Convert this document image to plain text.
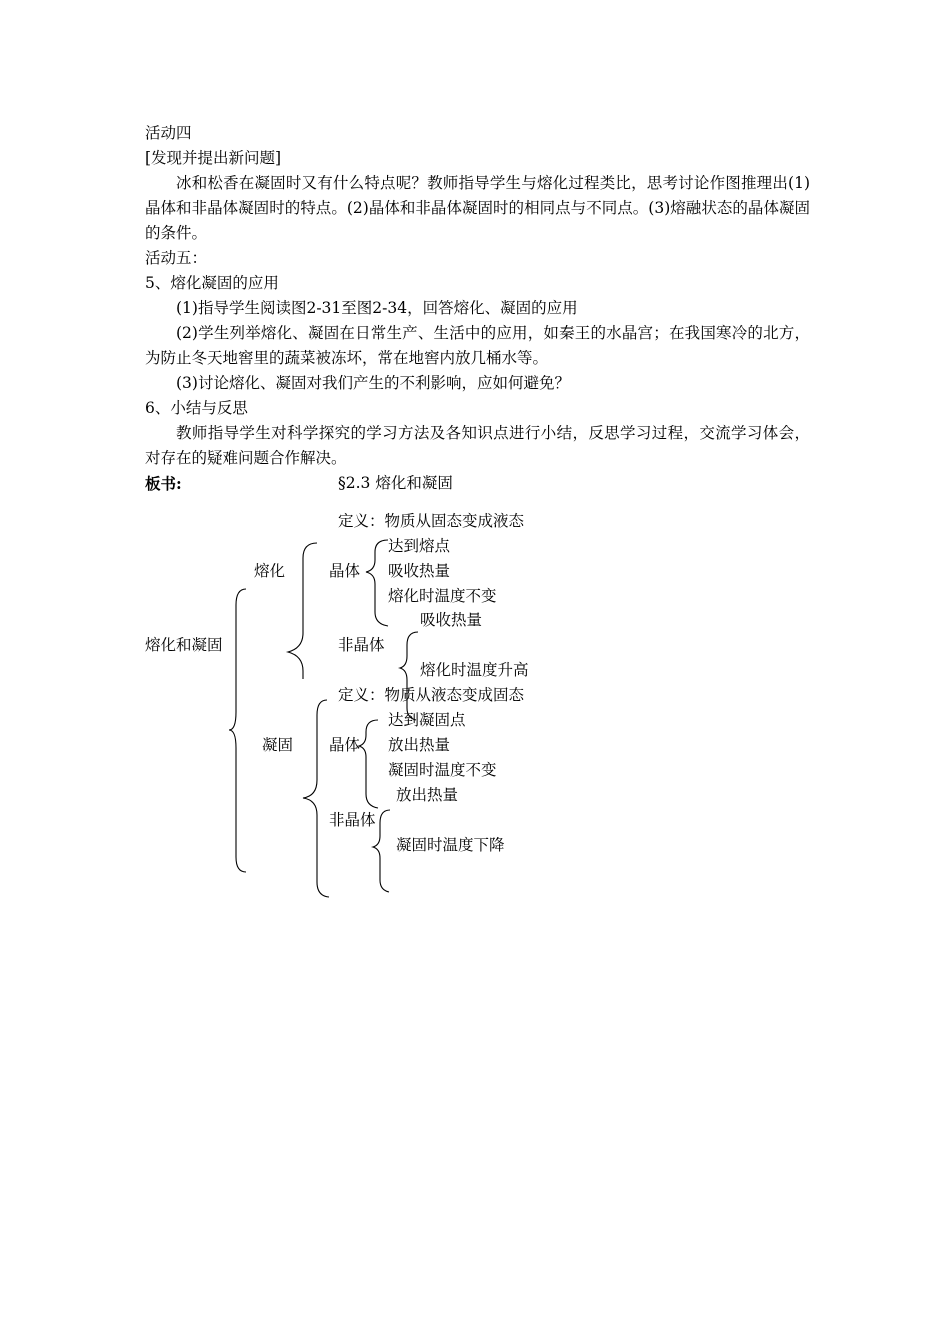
活动四
[发现并提出新问题]
冰和松香在凝固时又有什么特点呢？教师指导学生与熔化过程类比，思考讨论作图推理出(1)晶体和非晶体凝固时的特点。(2)晶体和非晶体凝固时的相同点与不同点。(3)熔融状态的晶体凝固的条件。
活动五：
5、熔化凝固的应用
(1)指导学生阅读图2-31至图2-34，回答熔化、凝固的应用
(2)学生列举熔化、凝固在日常生产、生活中的应用，如秦王的水晶宫；在我国寒冷的北方，为防止冬天地窖里的蔬菜被冻坏，常在地窖内放几桶水等。
(3)讨论熔化、凝固对我们产生的不利影响，应如何避免？
6、小结与反思
教师指导学生对科学探究的学习方法及各知识点进行小结，反思学习过程，交流学习体会，对存在的疑难问题合作解决。
板书:	§2.3 熔化和凝固
熔化和凝固
熔化
定义：物质从固态变成液态
晶体
达到熔点
吸收热量
熔化时温度不变
非晶体
吸收热量
熔化时温度升高
凝固
定义：物质从液态变成固态
晶体
达到凝固点
放出热量
凝固时温度不变
非晶体
放出热量
凝固时温度下降
